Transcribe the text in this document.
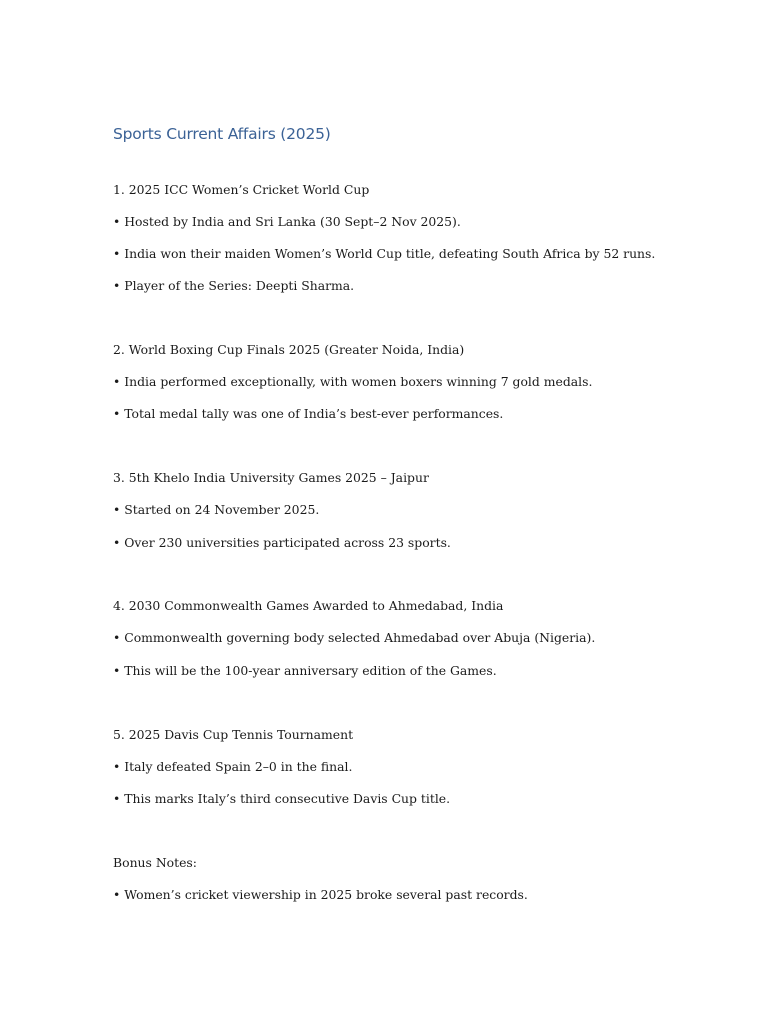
Sports Current Affairs (2025)
1. 2025 ICC Women’s Cricket World Cup
• Hosted by India and Sri Lanka (30 Sept–2 Nov 2025).
• India won their maiden Women’s World Cup title, defeating South Africa by 52 runs.
• Player of the Series: Deepti Sharma.
2. World Boxing Cup Finals 2025 (Greater Noida, India)
• India performed exceptionally, with women boxers winning 7 gold medals.
• Total medal tally was one of India’s best-ever performances.
3. 5th Khelo India University Games 2025 – Jaipur
• Started on 24 November 2025.
• Over 230 universities participated across 23 sports.
4. 2030 Commonwealth Games Awarded to Ahmedabad, India
• Commonwealth governing body selected Ahmedabad over Abuja (Nigeria).
• This will be the 100-year anniversary edition of the Games.
5. 2025 Davis Cup Tennis Tournament
• Italy defeated Spain 2–0 in the final.
• This marks Italy’s third consecutive Davis Cup title.
Bonus Notes:
• Women’s cricket viewership in 2025 broke several past records.
